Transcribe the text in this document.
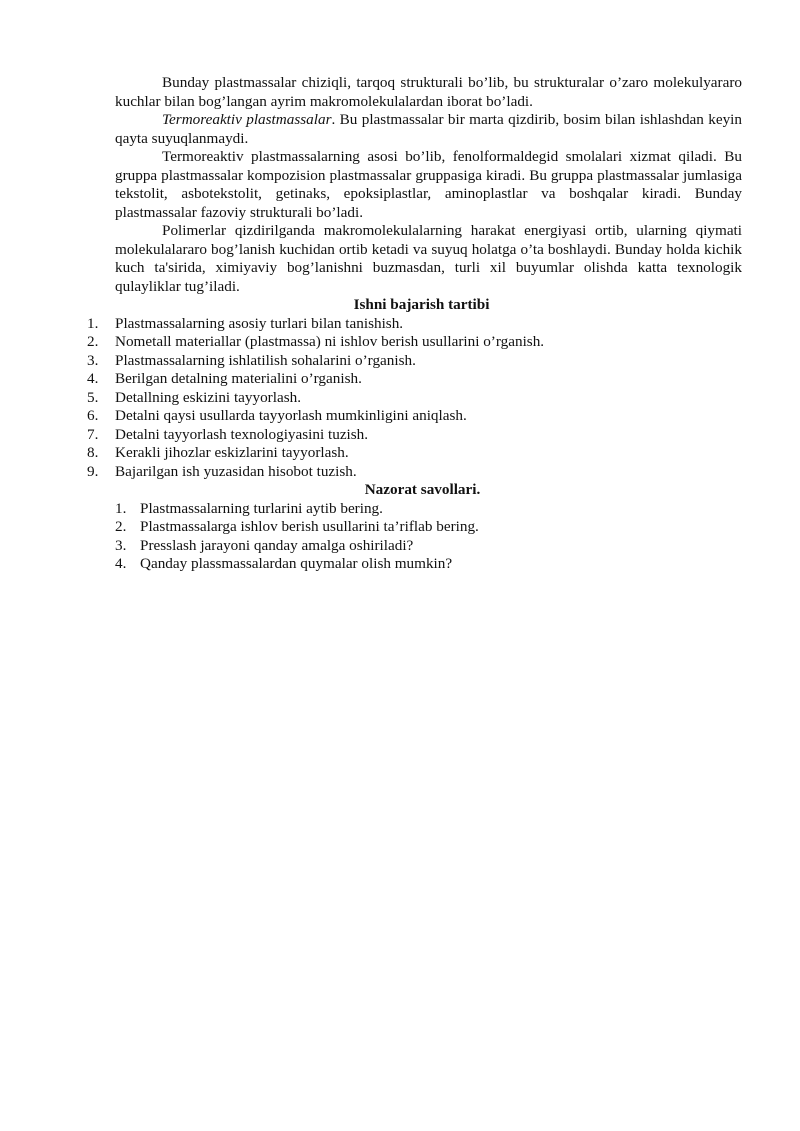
Bunday plastmassalar chiziqli, tarqoq strukturali bo’lib, bu strukturalar o’zaro molekulyararo kuchlar bilan bog’langan ayrim makromolekulalardan iborat bo’ladi.

Termoreaktiv plastmassalar. Bu plastmassalar bir marta qizdirib, bosim bilan ishlashdan keyin qayta suyuqlanmaydi.

Termoreaktiv plastmassalarning asosi bo’lib, fenolformaldegid smolalari xizmat qiladi. Bu gruppa plastmassalar kompozision plastmassalar gruppasiga kiradi. Bu gruppa plastmassalar jumlasiga tekstolit, asbotekstolit, getinaks, epoksiplastlar, aminoplastlar va boshqalar kiradi. Bunday plastmassalar fazoviy strukturali bo’ladi.

Polimerlar qizdirilganda makromolekulalarning harakat energiyasi ortib, ularning qiymati molekulalararo bog’lanish kuchidan ortib ketadi va suyuq holatga o’ta boshlaydi. Bunday holda kichik kuch ta'sirida, ximiyaviy bog’lanishni buzmasdan, turli xil buyumlar olishda katta texnologik qulayliklar tug’iladi.

Ishni bajarish tartibi
1.	Plastmassalarning asosiy turlari bilan tanishish.
2.	Nometall materiallar (plastmassa) ni ishlov berish usullarini o’rganish.
3.	Plastmassalarning ishlatilish sohalarini o’rganish.
4.	Berilgan detalning materialini o’rganish.
5.	Detallning eskizini tayyorlash.
6.	Detalni qaysi usullarda tayyorlash mumkinligini aniqlash.
7.	Detalni tayyorlash texnologiyasini tuzish.
8.	Kerakli jihozlar eskizlarini tayyorlash.
9.	Bajarilgan ish yuzasidan hisobot tuzish.
Nazorat savollari.
1. Plastmassalarning turlarini aytib bering.
2. Plastmassalarga ishlov berish usullarini ta’riflab bering.
3. Presslash jarayoni qanday amalga oshiriladi?
4. Qanday plassmassalardan quymalar olish mumkin?
